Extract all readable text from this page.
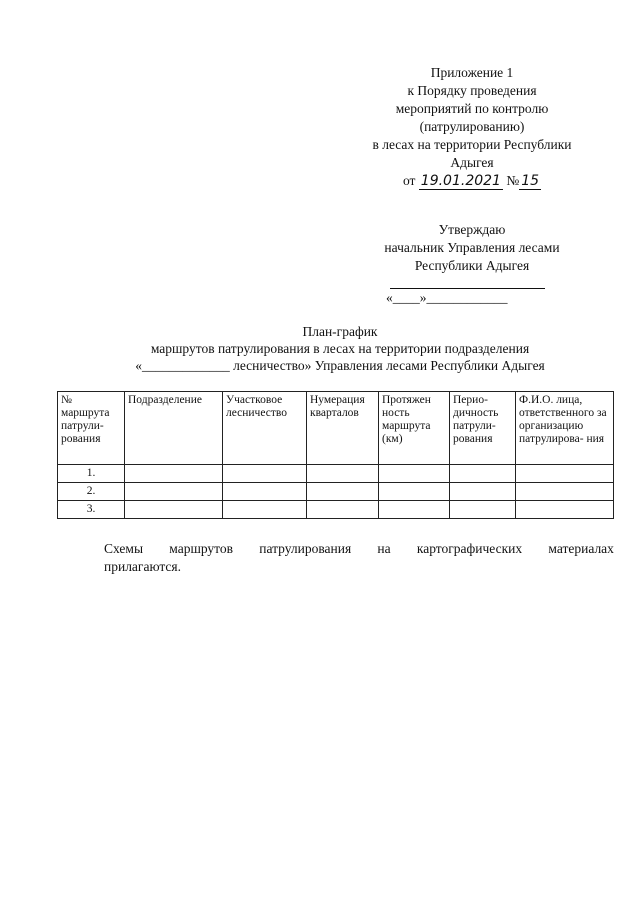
Приложение 1
к Порядку проведения
мероприятий по контролю
(патрулированию)
в лесах на территории Республики
Адыгея
от 19.01.2021 № 15
Утверждаю
начальник Управления лесами
Республики Адыгея
«____»____________
План-график
маршрутов патрулирования в лесах на территории подразделения
«_____________ лесничество» Управления лесами Республики Адыгея
№ маршрута патрули- рования	Подразделение	Участковое лесничество	Нумерация кварталов	Протяжен ность маршрута (км)	Перио- дичность патрули- рования	Ф.И.О. лица, ответственного за организацию патрулирова- ния
1.						
2.						
3.						
Схемы маршрутов патрулирования на картографических материалах
прилагаются.
